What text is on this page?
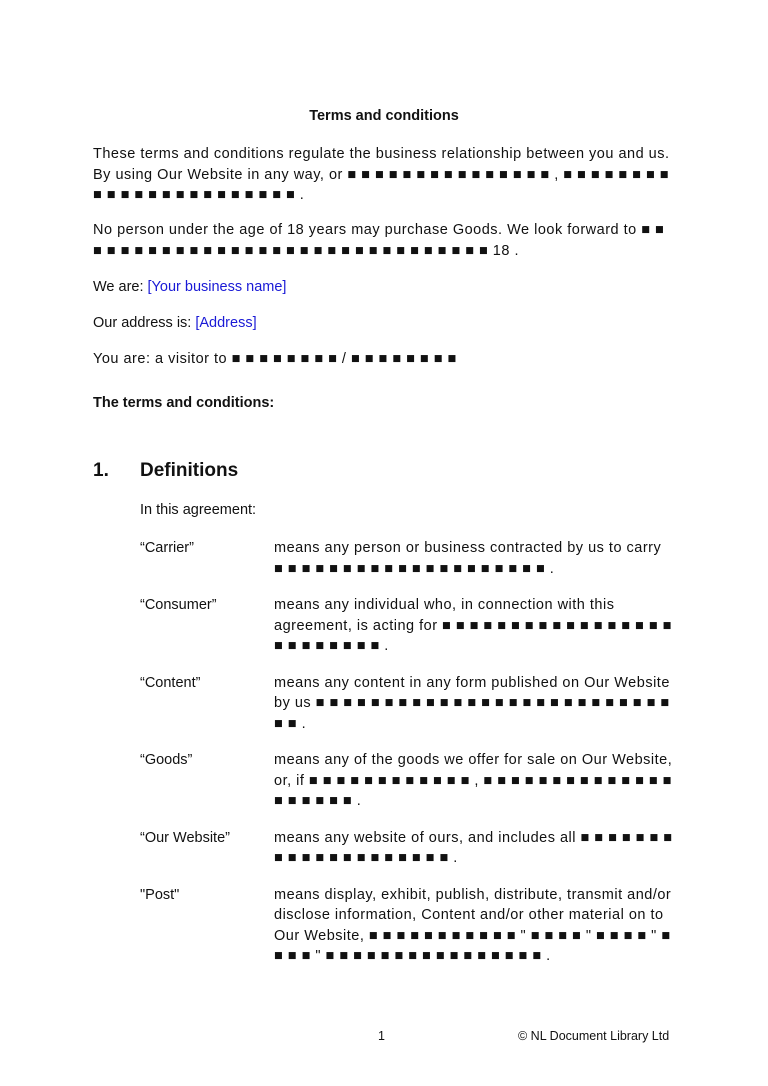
Terms and conditions
These terms and conditions regulate the business relationship between you and us. By using Our Website in any way, or ■ ■ ■ ■ ■ ■ ■ ■ ■ ■ ■ ■ ■ ■ ■ , ■ ■ ■ ■ ■ ■ ■ ■ ■ ■ ■ ■ ■ ■ ■ ■ ■ ■ ■ ■ ■ ■ ■ .
No person under the age of 18 years may purchase Goods. We look forward to ■ ■ ■ ■ ■ ■ ■ ■ ■ ■ ■ ■ ■ ■ ■ ■ ■ ■ ■ ■ ■ ■ ■ ■ ■ ■ ■ ■ ■ ■ ■ 18 .
We are: [Your business name]
Our address is: [Address]
You are: a visitor to ■ ■ ■ ■ ■ ■ ■ ■ / ■ ■ ■ ■ ■ ■ ■ ■
The terms and conditions:
1. Definitions
In this agreement:
“Carrier”	means any person or business contracted by us to carry ■ ■ ■ ■ ■ ■ ■ ■ ■ ■ ■ ■ ■ ■ ■ ■ ■ ■ ■ ■ .
“Consumer”	means any individual who, in connection with this agreement, is acting for ■ ■ ■ ■ ■ ■ ■ ■ ■ ■ ■ ■ ■ ■ ■ ■ ■ ■ ■ ■ ■ ■ ■ ■ ■ .
“Content”	means any content in any form published on Our Website by us ■ ■ ■ ■ ■ ■ ■ ■ ■ ■ ■ ■ ■ ■ ■ ■ ■ ■ ■ ■ ■ ■ ■ ■ ■ ■ ■ ■ .
“Goods”	means any of the goods we offer for sale on Our Website, or, if ■ ■ ■ ■ ■ ■ ■ ■ ■ ■ ■ ■ , ■ ■ ■ ■ ■ ■ ■ ■ ■ ■ ■ ■ ■ ■ ■ ■ ■ ■ ■ ■ .
“Our Website”	means any website of ours, and includes all ■ ■ ■ ■ ■ ■ ■ ■ ■ ■ ■ ■ ■ ■ ■ ■ ■ ■ ■ ■ .
"Post"	means display, exhibit, publish, distribute, transmit and/or disclose information, Content and/or other material on to Our Website, ■ ■ ■ ■ ■ ■ ■ ■ ■ ■ ■ " ■ ■ ■ ■ " ■ ■ ■ ■ " ■ ■ ■ ■ " ■ ■ ■ ■ ■ ■ ■ ■ ■ ■ ■ ■ ■ ■ ■ ■ .
1	© NL Document Library Ltd
